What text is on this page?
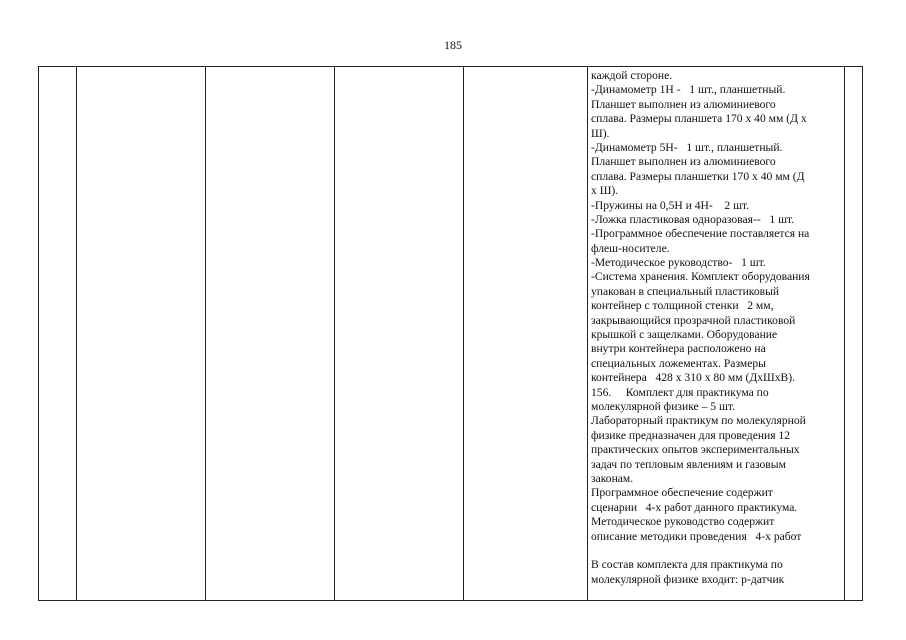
185

каждой стороне.
-Динамометр 1Н -   1 шт., планшетный.
Планшет выполнен из алюминиевого
сплава. Размеры планшета 170 х 40 мм (Д х
Ш).
-Динамометр 5Н-   1 шт., планшетный.
Планшет выполнен из алюминиевого
сплава. Размеры планшетки 170 х 40 мм (Д
х Ш).
-Пружины на 0,5Н и 4Н-    2 шт.
-Ложка пластиковая одноразовая--   1 шт.
-Программное обеспечение поставляется на
флеш-носителе.
-Методическое руководство-   1 шт.
-Система хранения. Комплект оборудования
упакован в специальный пластиковый
контейнер с толщиной стенки   2 мм,
закрывающийся прозрачной пластиковой
крышкой с защелками. Оборудование
внутри контейнера расположено на
специальных ложементах. Размеры
контейнера   428 х 310 х 80 мм (ДхШхВ).
156.     Комплект для практикума по
молекулярной физике – 5 шт.
Лабораторный практикум по молекулярной
физике предназначен для проведения 12
практических опытов экспериментальных
задач по тепловым явлениям и газовым
законам.
Программное обеспечение содержит
сценарии   4-х работ данного практикума.
Методическое руководство содержит
описание методики проведения   4-х работ
В состав комплекта для практикума по
молекулярной физике входит: р-датчик
